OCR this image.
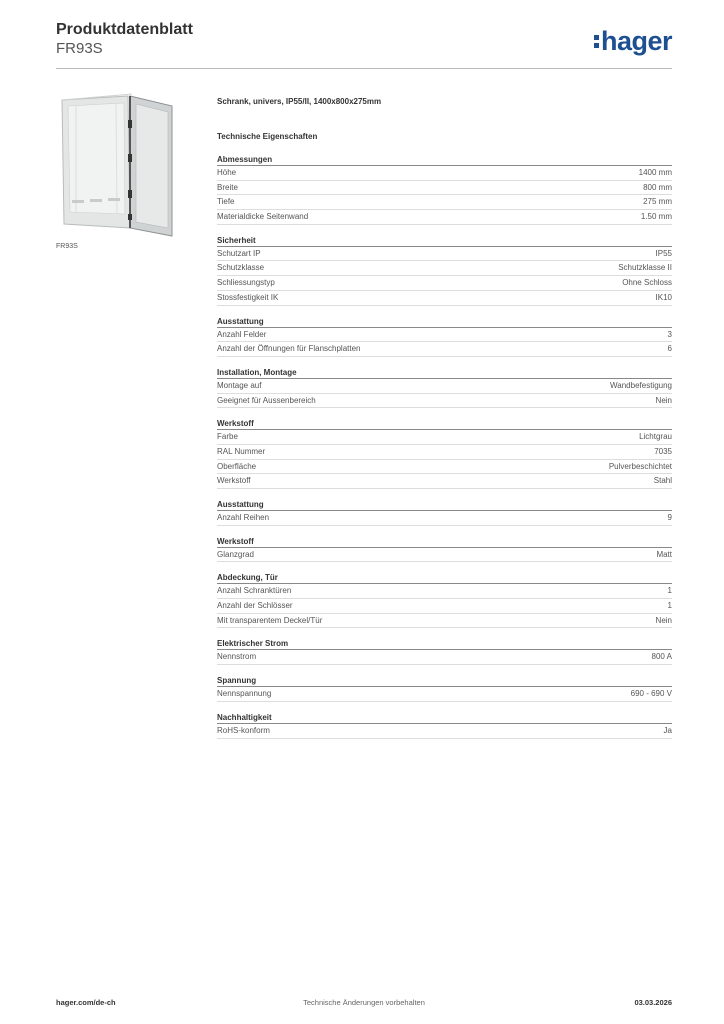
Produktdatenblatt
FR93S	hager
FR93S
Schrank, univers, IP55/II, 1400x800x275mm
Technische Eigenschaften
Abmessungen
Höhe	1400 mm
Breite	800 mm
Tiefe	275 mm
Materialdicke Seitenwand	1.50 mm
Sicherheit
Schutzart IP	IP55
Schutzklasse	Schutzklasse II
Schliessungstyp	Ohne Schloss
Stossfestigkeit IK	IK10
Ausstattung
Anzahl Felder	3
Anzahl der Öffnungen für Flanschplatten	6
Installation, Montage
Montage auf	Wandbefestigung
Geeignet für Aussenbereich	Nein
Werkstoff
Farbe	Lichtgrau
RAL Nummer	7035
Oberfläche	Pulverbeschichtet
Werkstoff	Stahl
Ausstattung
Anzahl Reihen	9
Werkstoff
Glanzgrad	Matt
Abdeckung, Tür
Anzahl Schranktüren	1
Anzahl der Schlösser	1
Mit transparentem Deckel/Tür	Nein
Elektrischer Strom
Nennstrom	800 A
Spannung
Nennspannung	690 - 690 V
Nachhaltigkeit
RoHS-konform	Ja
hager.com/de-ch	Technische Änderungen vorbehalten	03.03.2026
